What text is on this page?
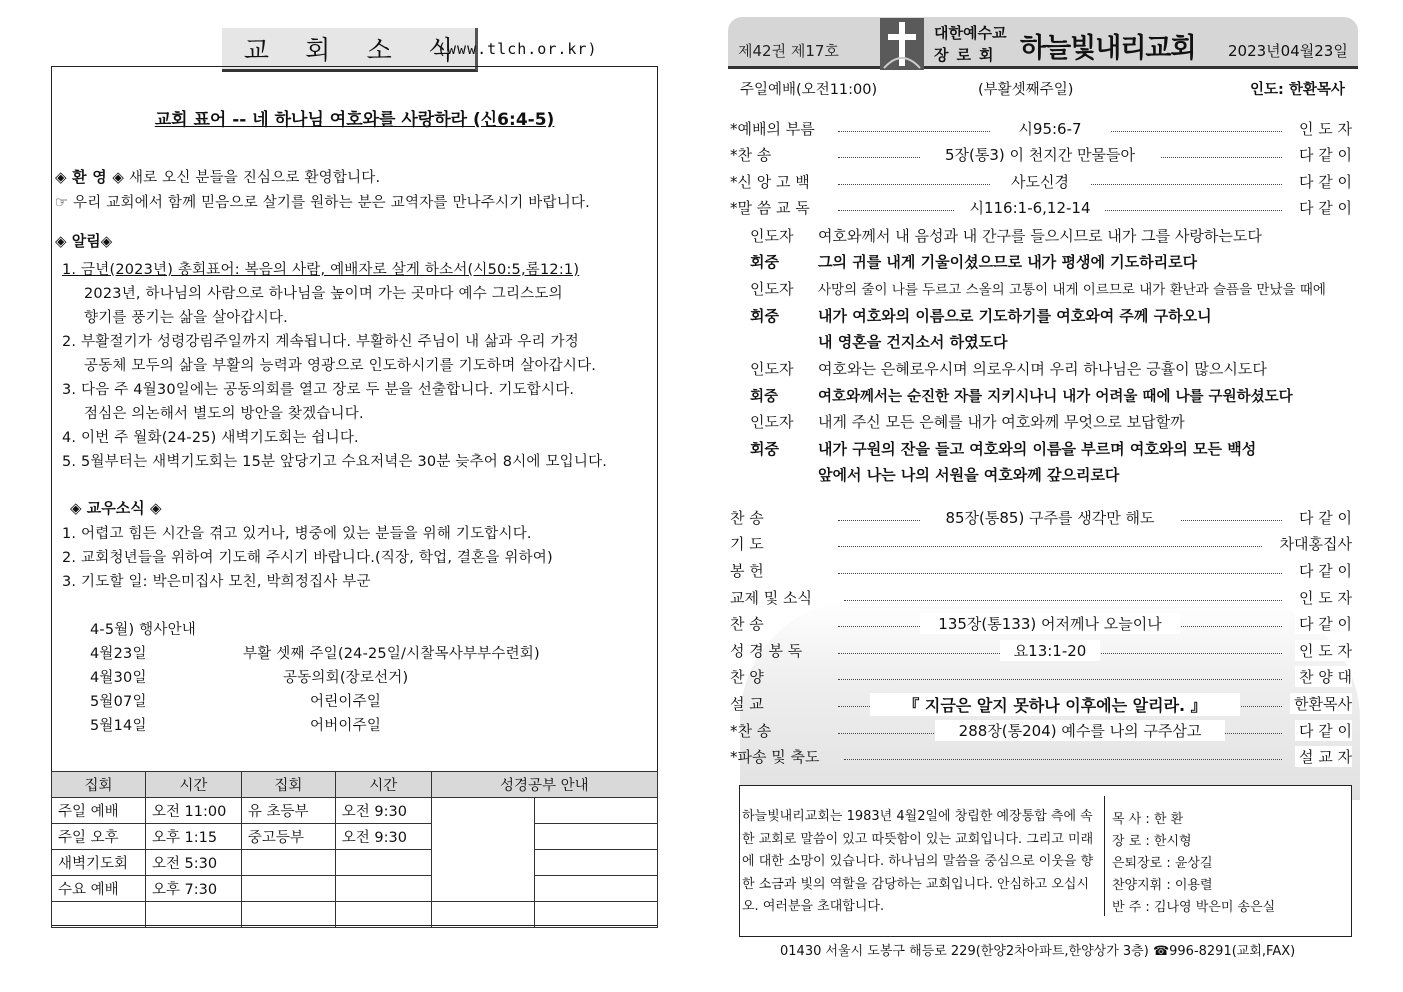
교 회 소 식
(www.tlch.or.kr)
교회 표어 -- 네 하나님 여호와를 사랑하라 (신6:4-5)
◈ 환 영 ◈ 새로 오신 분들을 진심으로 환영합니다.
☞ 우리 교회에서 함께 믿음으로 살기를 원하는 분은 교역자를 만나주시기 바랍니다.
◈ 알림◈
1. 금년(2023년) 총회표어: 복음의 사람, 예배자로 살게 하소서(시50:5,롬12:1)
2023년, 하나님의 사람으로 하나님을 높이며 가는 곳마다 예수 그리스도의
향기를 풍기는 삶을 살아갑시다.
2. 부활절기가 성령강림주일까지 계속됩니다. 부활하신 주님이 내 삶과 우리 가정
공동체 모두의 삶을 부활의 능력과 영광으로 인도하시기를 기도하며 살아갑시다.
3. 다음 주 4월30일에는 공동의회를 열고 장로 두 분을 선출합니다. 기도합시다.
점심은 의논해서 별도의 방안을 찾겠습니다.
4. 이번 주 월화(24-25) 새벽기도회는 쉽니다.
5. 5월부터는 새벽기도회는 15분 앞당기고 수요저녁은 30분 늦추어 8시에 모입니다.
◈ 교우소식 ◈
1. 어렵고 힘든 시간을 겪고 있거나, 병중에 있는 분들을 위해 기도합시다.
2. 교회청년들을 위하여 기도해 주시기 바랍니다.(직장, 학업, 결혼을 위하여)
3. 기도할 일: 박은미집사 모친, 박희정집사 부군
4-5월) 행사안내
4월23일	부활 셋째 주일(24-25일/시찰목사부부수련회)
4월30일	공동의회(장로선거)
5월07일	어린이주일
5월14일	어버이주일
집회	시간	집회	시간	성경공부 안내	
주일 예배	오전 11:00	유 초등부	오전 9:30		
주일 오후	오후 1:15	중고등부	오전 9:30		
새벽기도회	오전 5:30				
수요 예배	오후 7:30				

제42권 제17호
대한예수교
장로회 하늘빛내리교회 2023년04월23일
주일예배(오전11:00)	(부활셋째주일)	인도: 한환목사
*예배의 부름	시95:6-7	인 도 자
*찬 송	5장(통3) 이 천지간 만물들아	다 같 이
*신 앙 고 백	사도신경	다 같 이
*말 씀 교 독	시116:1-6,12-14	다 같 이
인도자 여호와께서 내 음성과 내 간구를 들으시므로 내가 그를 사랑하는도다
회중	그의 귀를 내게 기울이셨으므로 내가 평생에 기도하리로다
인도자 사망의 줄이 나를 두르고 스올의 고통이 내게 이르므로 내가 환난과 슬픔을 만났을 때에
회중	내가 여호와의 이름으로 기도하기를 여호와여 주께 구하오니
내 영혼을 건지소서 하였도다
인도자 여호와는 은혜로우시며 의로우시며 우리 하나님은 긍휼이 많으시도다
회중	여호와께서는 순진한 자를 지키시나니 내가 어려울 때에 나를 구원하셨도다
인도자 내게 주신 모든 은혜를 내가 여호와께 무엇으로 보답할까
회중	내가 구원의 잔을 들고 여호와의 이름을 부르며 여호와의 모든 백성
앞에서 나는 나의 서원을 여호와께 갚으리로다
찬 송	85장(통85) 구주를 생각만 해도	다 같 이
기 도	차대홍집사
봉 헌	다 같 이
교제 및 소식	인 도 자
찬 송	135장(통133) 어저께나 오늘이나	다 같 이
성 경 봉 독	요13:1-20	인 도 자
찬 양	찬 양 대
설 교	『 지금은 알지 못하나 이후에는 알리라. 』	한환목사
*찬 송	288장(통204) 예수를 나의 구주삼고	다 같 이
*파송 및 축도	설 교 자
하늘빛내리교회는 1983년 4월2일에 창립한 예장통합 측에 속한 교회로 말씀이 있고 따뜻함이 있는 교회입니다. 그리고 미래에 대한 소망이 있습니다. 하나님의 말씀을 중심으로 이웃을 향한 소금과 빛의 역할을 감당하는 교회입니다. 안심하고 오십시오. 여러분을 초대합니다.
목 사 : 한 환
장 로 : 한시형
은퇴장로 : 윤상길
찬양지휘 : 이용렬
반 주 : 김나영 박은미 송은실
01430 서울시 도봉구 해등로 229(한양2차아파트,한양상가 3층) ☎996-8291(교회,FAX)
